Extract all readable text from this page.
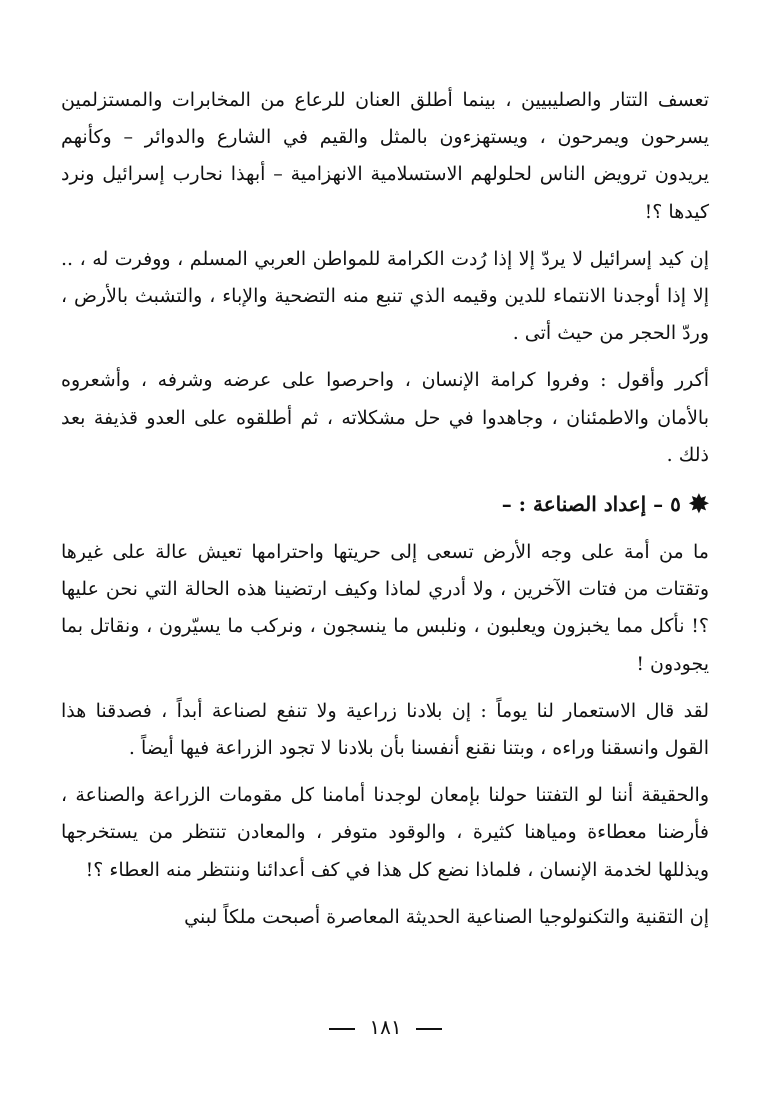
تعسف التتار والصليبيين ، بينما أطلق العنان للرعاع من المخابرات والمستزلمين يسرحون ويمرحون ، ويستهزءون بالمثل والقيم في الشارع والدوائر – وكأنهم يريدون ترويض الناس لحلولهم الاستسلامية الانهزامية – أبهذا نحارب إسرائيل ونرد كيدها ؟!

إن كيد إسرائيل لا يردّ إلا إذا رُدت الكرامة للمواطن العربي المسلم ، ووفرت له ، .. إلا إذا أوجدنا الانتماء للدين وقيمه الذي تنبع منه التضحية والإباء ، والتشبث بالأرض ، وردّ الحجر من حيث أتى .

أكرر وأقول : وفروا كرامة الإنسان ، واحرصوا على عرضه وشرفه ، وأشعروه بالأمان والاطمئنان ، وجاهدوا في حل مشكلاته ، ثم أطلقوه على العدو قذيفة بعد ذلك .

✸
٥ – إعداد الصناعة : –

ما من أمة على وجه الأرض تسعى إلى حريتها واحترامها تعيش عالة على غيرها وتقتات من فتات الآخرين ، ولا أدري لماذا وكيف ارتضينا هذه الحالة التي نحن عليها ؟! نأكل مما يخبزون ويعلبون ، ونلبس ما ينسجون ، ونركب ما يسيّرون ، ونقاتل بما يجودون !

لقد قال الاستعمار لنا يوماً : إن بلادنا زراعية ولا تنفع لصناعة أبداً ، فصدقنا هذا القول وانسقنا وراءه ، وبتنا نقنع أنفسنا بأن بلادنا لا تجود الزراعة فيها أيضاً .

والحقيقة أننا لو التفتنا حولنا بإمعان لوجدنا أمامنا كل مقومات الزراعة والصناعة ، فأرضنا معطاءة ومياهنا كثيرة ، والوقود متوفر ، والمعادن تنتظر من يستخرجها ويذللها لخدمة الإنسان ، فلماذا نضع كل هذا في كف أعدائنا وننتظر منه العطاء ؟!

إن التقنية والتكنولوجيا الصناعية الحديثة المعاصرة أصبحت ملكاً لبني

١٨١
